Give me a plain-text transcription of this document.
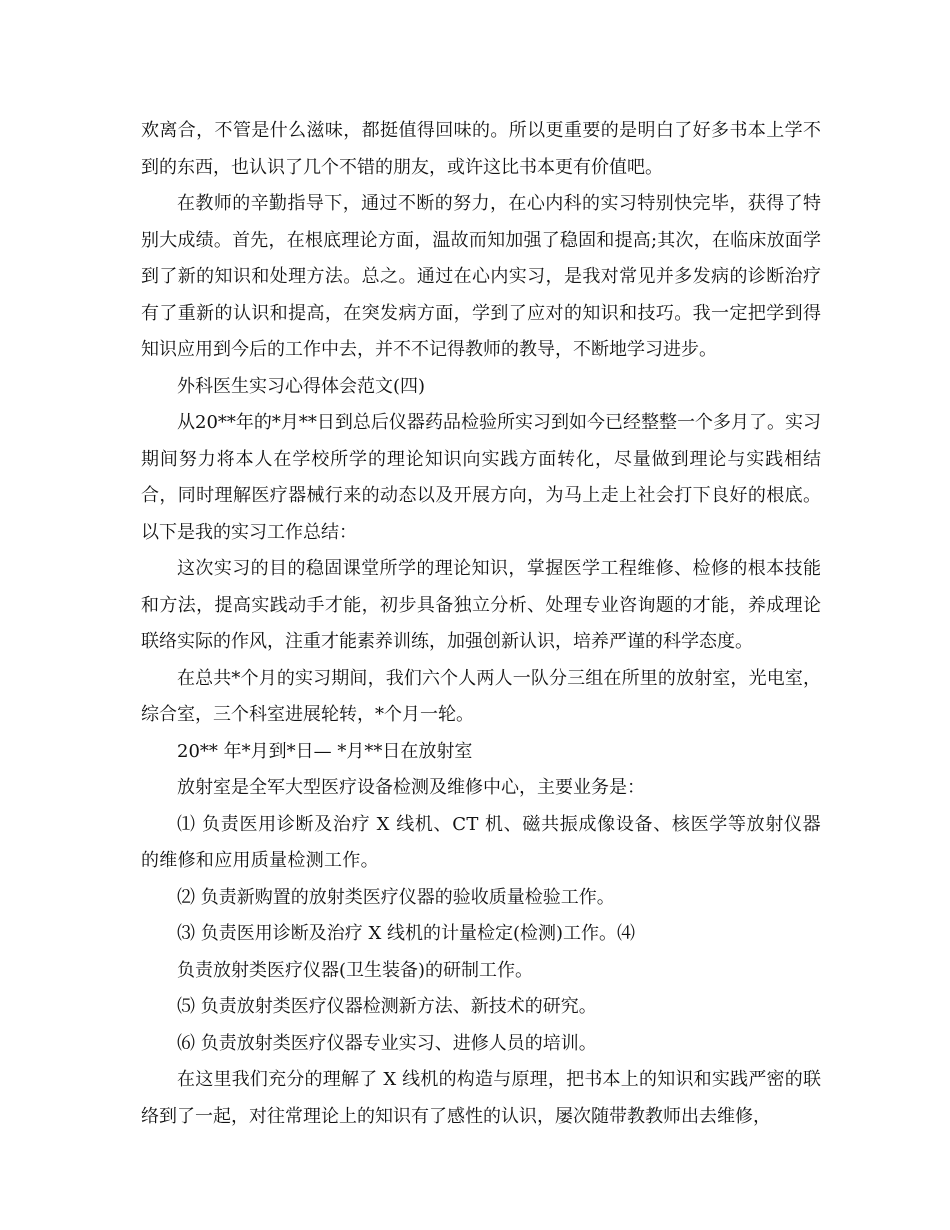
欢离合，不管是什么滋味，都挺值得回味的。所以更重要的是明白了好多书本上学不到的东西，也认识了几个不错的朋友，或许这比书本更有价值吧。

在教师的辛勤指导下，通过不断的努力，在心内科的实习特别快完毕，获得了特别大成绩。首先，在根底理论方面，温故而知加强了稳固和提高;其次，在临床放面学到了新的知识和处理方法。总之。通过在心内实习，是我对常见并多发病的诊断治疗有了重新的认识和提高，在突发病方面，学到了应对的知识和技巧。我一定把学到得知识应用到今后的工作中去，并不不记得教师的教导，不断地学习进步。

外科医生实习心得体会范文(四)

从20**年的*月**日到总后仪器药品检验所实习到如今已经整整一个多月了。实习期间努力将本人在学校所学的理论知识向实践方面转化，尽量做到理论与实践相结合，同时理解医疗器械行来的动态以及开展方向，为马上走上社会打下良好的根底。以下是我的实习工作总结：

这次实习的目的稳固课堂所学的理论知识，掌握医学工程维修、检修的根本技能和方法，提高实践动手才能，初步具备独立分析、处理专业咨询题的才能，养成理论联络实际的作风，注重才能素养训练，加强创新认识，培养严谨的科学态度。

在总共*个月的实习期间，我们六个人两人一队分三组在所里的放射室，光电室，综合室，三个科室进展轮转，*个月一轮。

20** 年*月到*日— *月**日在放射室

放射室是全军大型医疗设备检测及维修中心，主要业务是：

⑴ 负责医用诊断及治疗 X 线机、CT 机、磁共振成像设备、核医学等放射仪器的维修和应用质量检测工作。

⑵ 负责新购置的放射类医疗仪器的验收质量检验工作。

⑶ 负责医用诊断及治疗 X 线机的计量检定(检测)工作。⑷

负责放射类医疗仪器(卫生装备)的研制工作。

⑸ 负责放射类医疗仪器检测新方法、新技术的研究。

⑹ 负责放射类医疗仪器专业实习、进修人员的培训。

在这里我们充分的理解了 X 线机的构造与原理，把书本上的知识和实践严密的联络到了一起，对往常理论上的知识有了感性的认识，屡次随带教教师出去维修，
